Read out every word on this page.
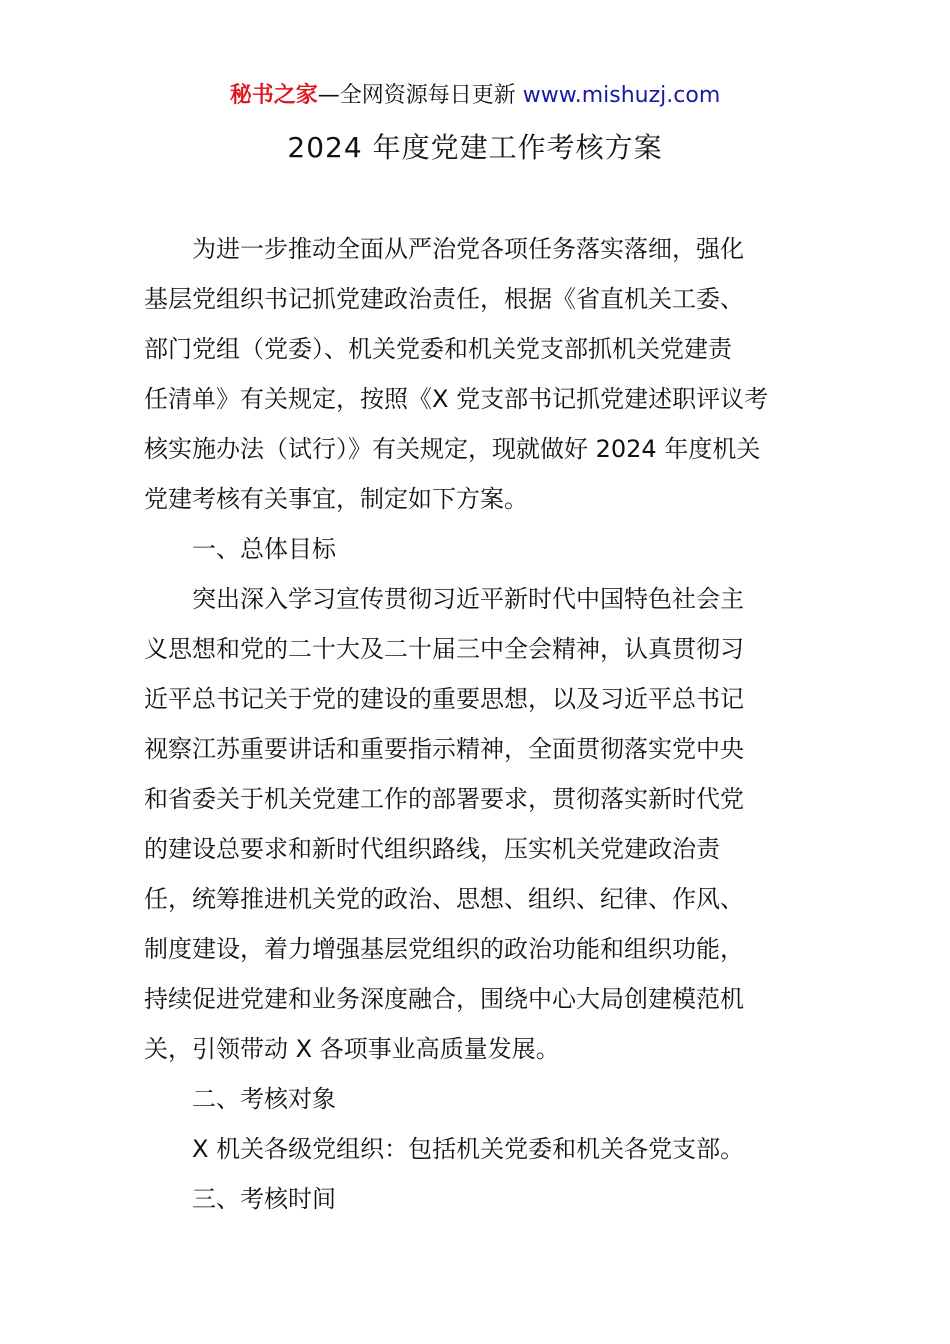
秘书之家—全网资源每日更新 www.mishuzj.com
2024 年度党建工作考核方案
为进一步推动全面从严治党各项任务落实落细，强化
基层党组织书记抓党建政治责任，根据《省直机关工委、
部门党组（党委）、机关党委和机关党支部抓机关党建责
任清单》有关规定，按照《X 党支部书记抓党建述职评议考
核实施办法（试行）》有关规定，现就做好 2024 年度机关
党建考核有关事宜，制定如下方案。
一、总体目标
突出深入学习宣传贯彻习近平新时代中国特色社会主
义思想和党的二十大及二十届三中全会精神，认真贯彻习
近平总书记关于党的建设的重要思想，以及习近平总书记
视察江苏重要讲话和重要指示精神，全面贯彻落实党中央
和省委关于机关党建工作的部署要求，贯彻落实新时代党
的建设总要求和新时代组织路线，压实机关党建政治责
任，统筹推进机关党的政治、思想、组织、纪律、作风、
制度建设，着力增强基层党组织的政治功能和组织功能，
持续促进党建和业务深度融合，围绕中心大局创建模范机
关，引领带动 X 各项事业高质量发展。
二、考核对象
X 机关各级党组织：包括机关党委和机关各党支部。
三、考核时间
